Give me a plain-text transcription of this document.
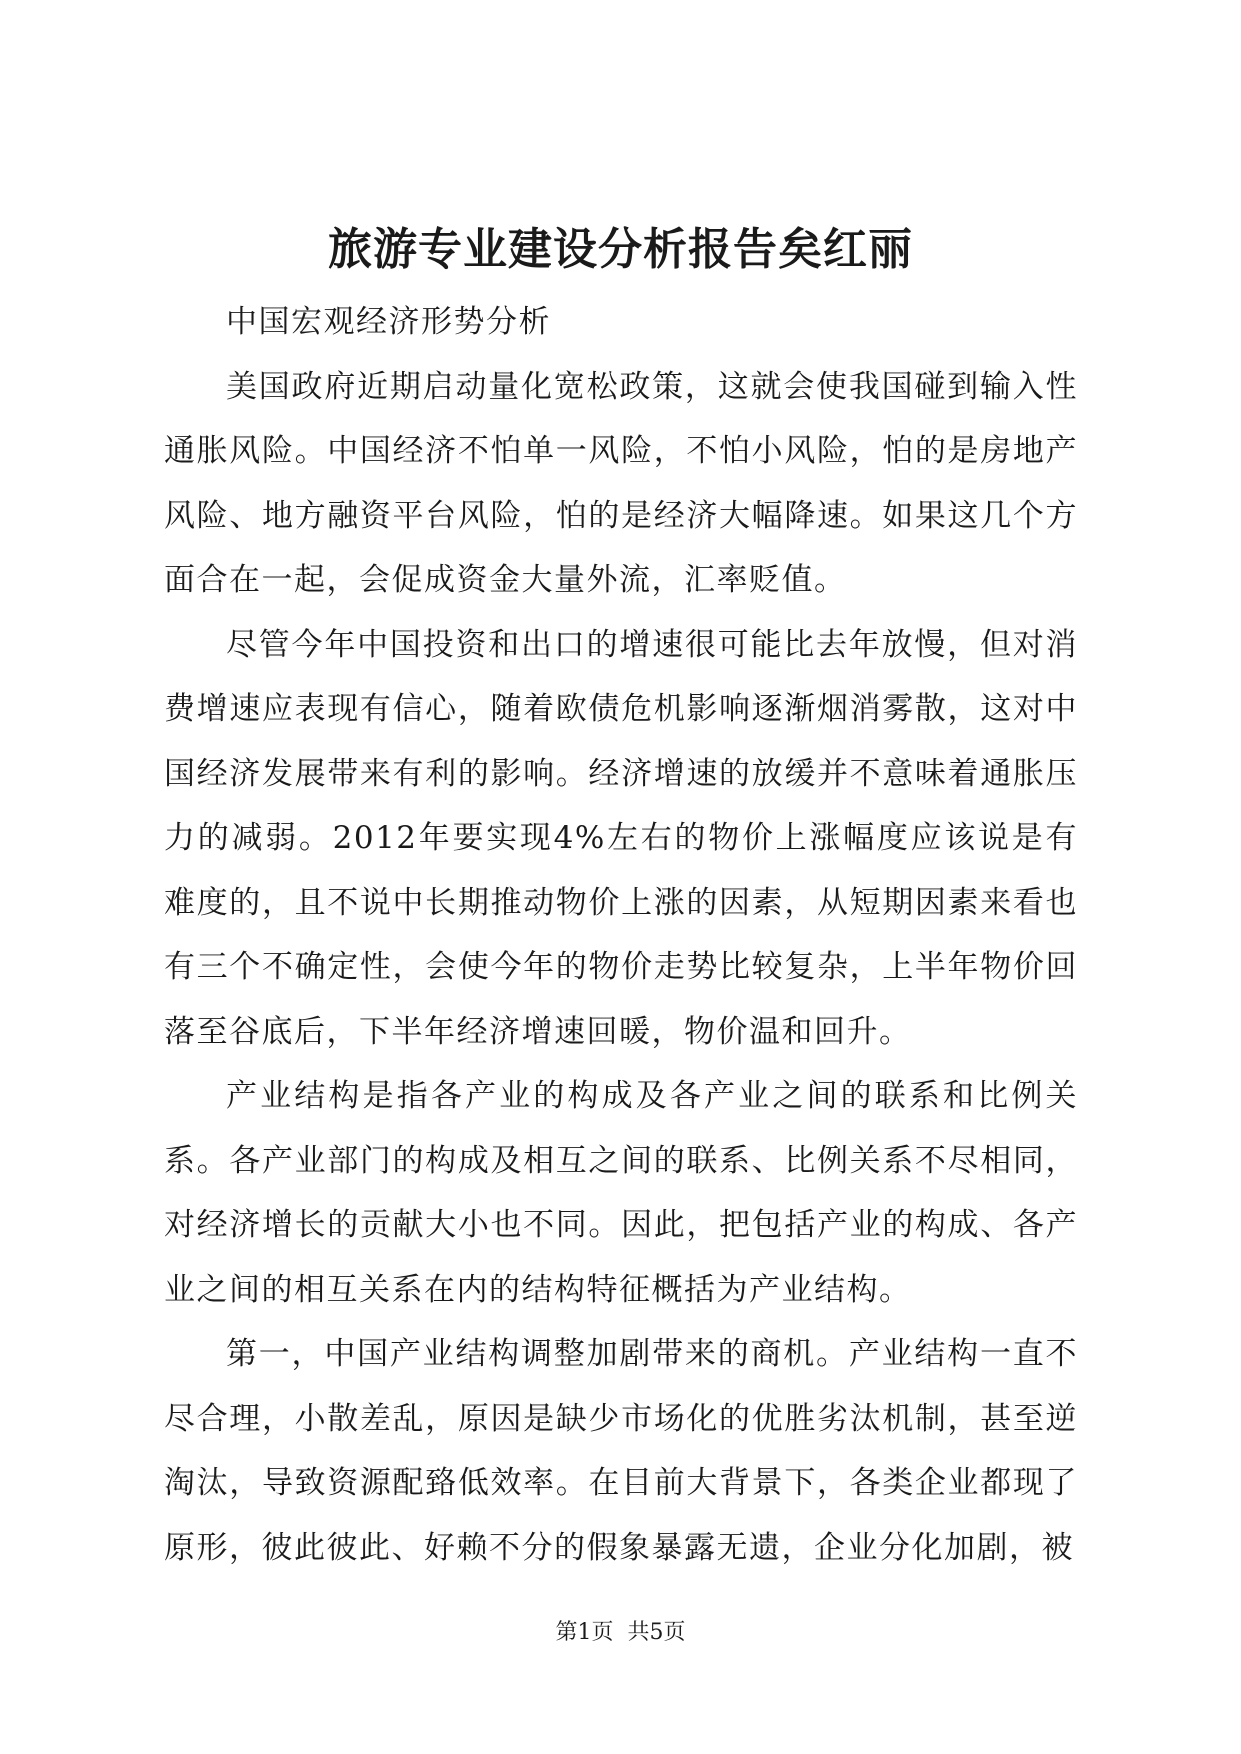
旅游专业建设分析报告矣红丽

中国宏观经济形势分析

美国政府近期启动量化宽松政策，这就会使我国碰到输入性通胀风险。中国经济不怕单一风险，不怕小风险，怕的是房地产风险、地方融资平台风险，怕的是经济大幅降速。如果这几个方面合在一起，会促成资金大量外流，汇率贬值。

尽管今年中国投资和出口的增速很可能比去年放慢，但对消费增速应表现有信心，随着欧债危机影响逐渐烟消雾散，这对中国经济发展带来有利的影响。经济增速的放缓并不意味着通胀压力的减弱。2012年要实现4%左右的物价上涨幅度应该说是有难度的，且不说中长期推动物价上涨的因素，从短期因素来看也有三个不确定性，会使今年的物价走势比较复杂，上半年物价回落至谷底后，下半年经济增速回暖，物价温和回升。

产业结构是指各产业的构成及各产业之间的联系和比例关系。各产业部门的构成及相互之间的联系、比例关系不尽相同，对经济增长的贡献大小也不同。因此，把包括产业的构成、各产业之间的相互关系在内的结构特征概括为产业结构。

第一，中国产业结构调整加剧带来的商机。产业结构一直不尽合理，小散差乱，原因是缺少市场化的优胜劣汰机制，甚至逆淘汰，导致资源配臵低效率。在目前大背景下，各类企业都现了原形，彼此彼此、好赖不分的假象暴露无遗，企业分化加剧，被

第1页 共5页
